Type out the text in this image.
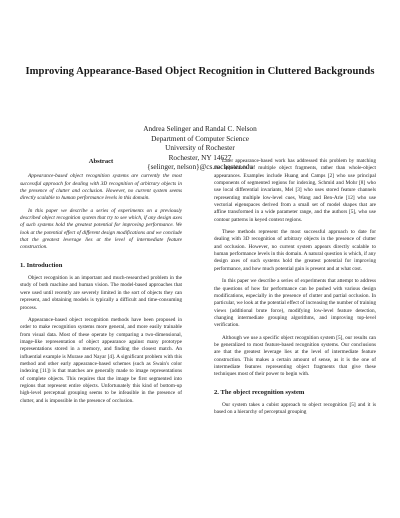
Improving Appearance-Based Object Recognition in Cluttered Backgrounds
Andrea Selinger and Randal C. Nelson
Department of Computer Science
University of Rochester
Rochester, NY 14627
{selinger, nelson}@cs.rochester.edu
Abstract

Appearance-based object recognition systems are currently the most successful approach for dealing with 3D recognition of arbitrary objects in the presence of clutter and occlusion. However, no current system seems directly scalable to human performance levels in this domain.

In this paper we describe a series of experiments on a previously described object recognition system that try to see which, if any design axes of such systems hold the greatest potential for improving performance. We look at the potential effect of different design modifications and we conclude that the greatest leverage lies at the level of intermediate feature construction.

1. Introduction

Object recognition is an important and much-researched problem in the study of both machine and human vision. The model-based approaches that were used until recently are severely limited in the sort of objects they can represent, and obtaining models is typically a difficult and time-consuming process.

Appearance-based object recognition methods have been proposed in order to make recognition systems more general, and more easily trainable from visual data. Most of these operate by comparing a two-dimensional, image-like representation of object appearance against many prototype representations stored in a memory, and finding the closest match. An influential example is Murase and Nayar [4]. A significant problem with this method and other early appearance-based schemes (such as Swain's color indexing [11]) is that matches are generally made to image representations of complete objects. This requires that the image be first segmented into regions that represent entire objects. Unfortunately this kind of bottom-up high-level perceptual grouping seems to be infeasible in the presence of clutter, and is impossible in the presence of occlusion.

Later appearance-based work has addressed this problem by matching the appearance of multiple object fragments, rather than whole-object appearances. Examples include Huang and Camps [2] who use principal components of segmented regions for indexing, Schmid and Mohr [8] who use local differential invariants, Mel [3] who uses stored feature channels representing multiple low-level cues, Wang and Ben-Arie [12] who use vectorial eigenspaces derived from a small set of model shapes that are affine transformed in a wide parameter range, and the authors [5], who use contour patterns in keyed context regions.

These methods represent the most successful approach to date for dealing with 3D recognition of arbitrary objects in the presence of clutter and occlusion. However, no current system appears directly scalable to human performance levels in this domain. A natural question is which, if any design axes of such systems hold the greatest potential for improving performance, and how much potential gain is present and at what cost.

In this paper we describe a series of experiments that attempt to address the questions of how far performance can be pushed with various design modifications, especially in the presence of clutter and partial occlusion. In particular, we look at the potential effect of increasing the number of training views (additional brute force), modifying low-level feature detection, changing intermediate grouping algorithms, and improving top-level verification.

Although we use a specific object recognition system [5], our results can be generalized to most feature-based recognition systems. Our conclusions are that the greatest leverage lies at the level of intermediate feature construction. This makes a certain amount of sense, as it is the one of intermediate features representing object fragments that give these techniques most of their power to begin with.

2. The object recognition system

Our system takes a cubist approach to object recognition [5] and it is based on a hierarchy of perceptual grouping
